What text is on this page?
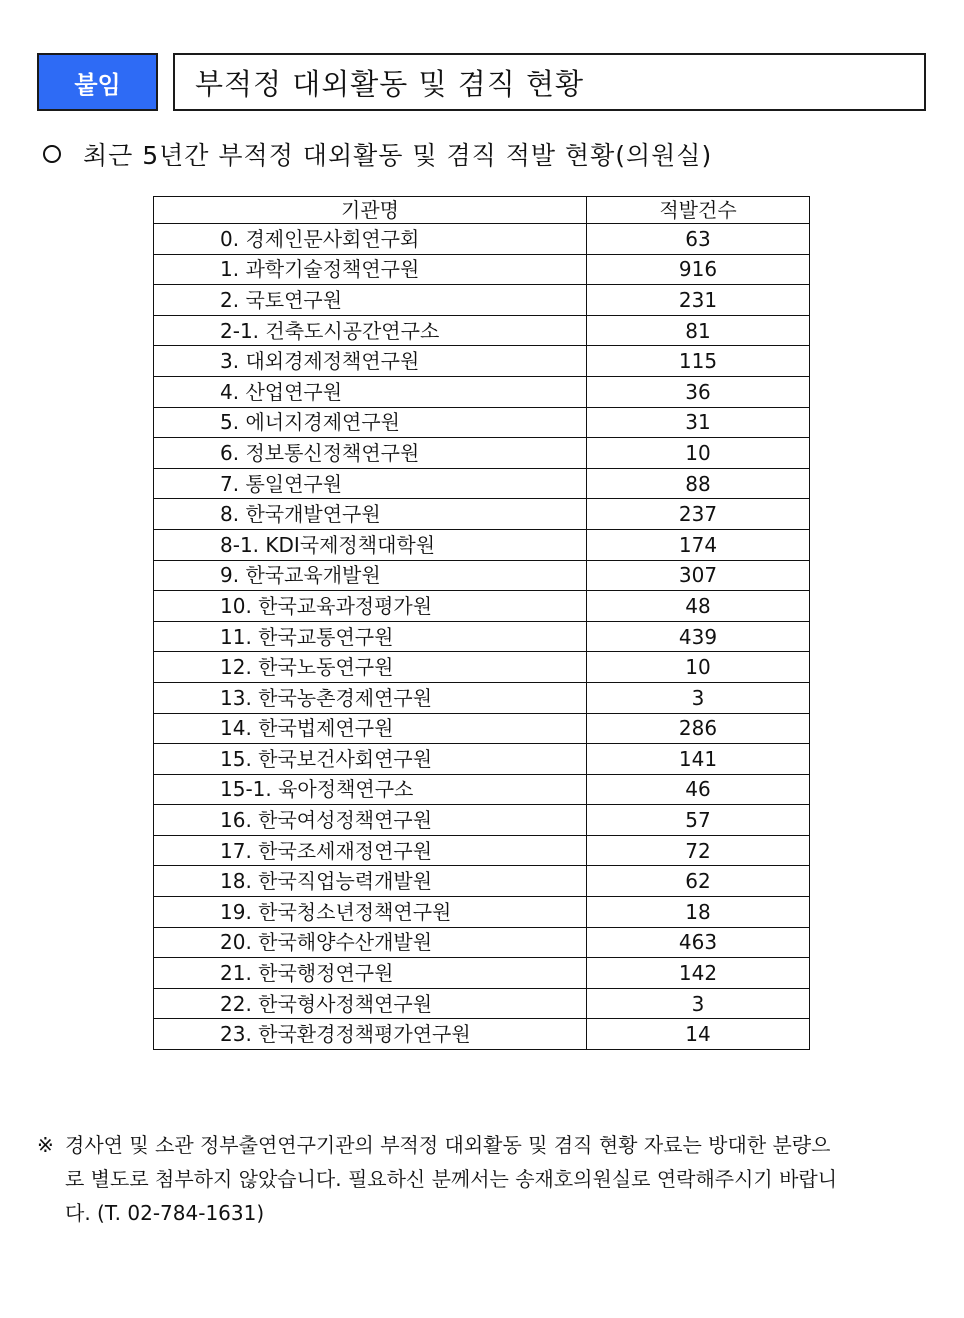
붙임	부적정 대외활동 및 겸직 현황
최근 5년간 부적정 대외활동 및 겸직 적발 현황(의원실)
기관명	적발건수
0. 경제인문사회연구회	63
1. 과학기술정책연구원	916
2. 국토연구원	231
2-1. 건축도시공간연구소	81
3. 대외경제정책연구원	115
4. 산업연구원	36
5. 에너지경제연구원	31
6. 정보통신정책연구원	10
7. 통일연구원	88
8. 한국개발연구원	237
8-1. KDI국제정책대학원	174
9. 한국교육개발원	307
10. 한국교육과정평가원	48
11. 한국교통연구원	439
12. 한국노동연구원	10
13. 한국농촌경제연구원	3
14. 한국법제연구원	286
15. 한국보건사회연구원	141
15-1. 육아정책연구소	46
16. 한국여성정책연구원	57
17. 한국조세재정연구원	72
18. 한국직업능력개발원	62
19. 한국청소년정책연구원	18
20. 한국해양수산개발원	463
21. 한국행정연구원	142
22. 한국형사정책연구원	3
23. 한국환경정책평가연구원	14
※ 경사연 및 소관 정부출연연구기관의 부적정 대외활동 및 겸직 현황 자료는 방대한 분량으
로 별도로 첨부하지 않았습니다. 필요하신 분께서는 송재호의원실로 연락해주시기 바랍니
다. (T. 02-784-1631)
